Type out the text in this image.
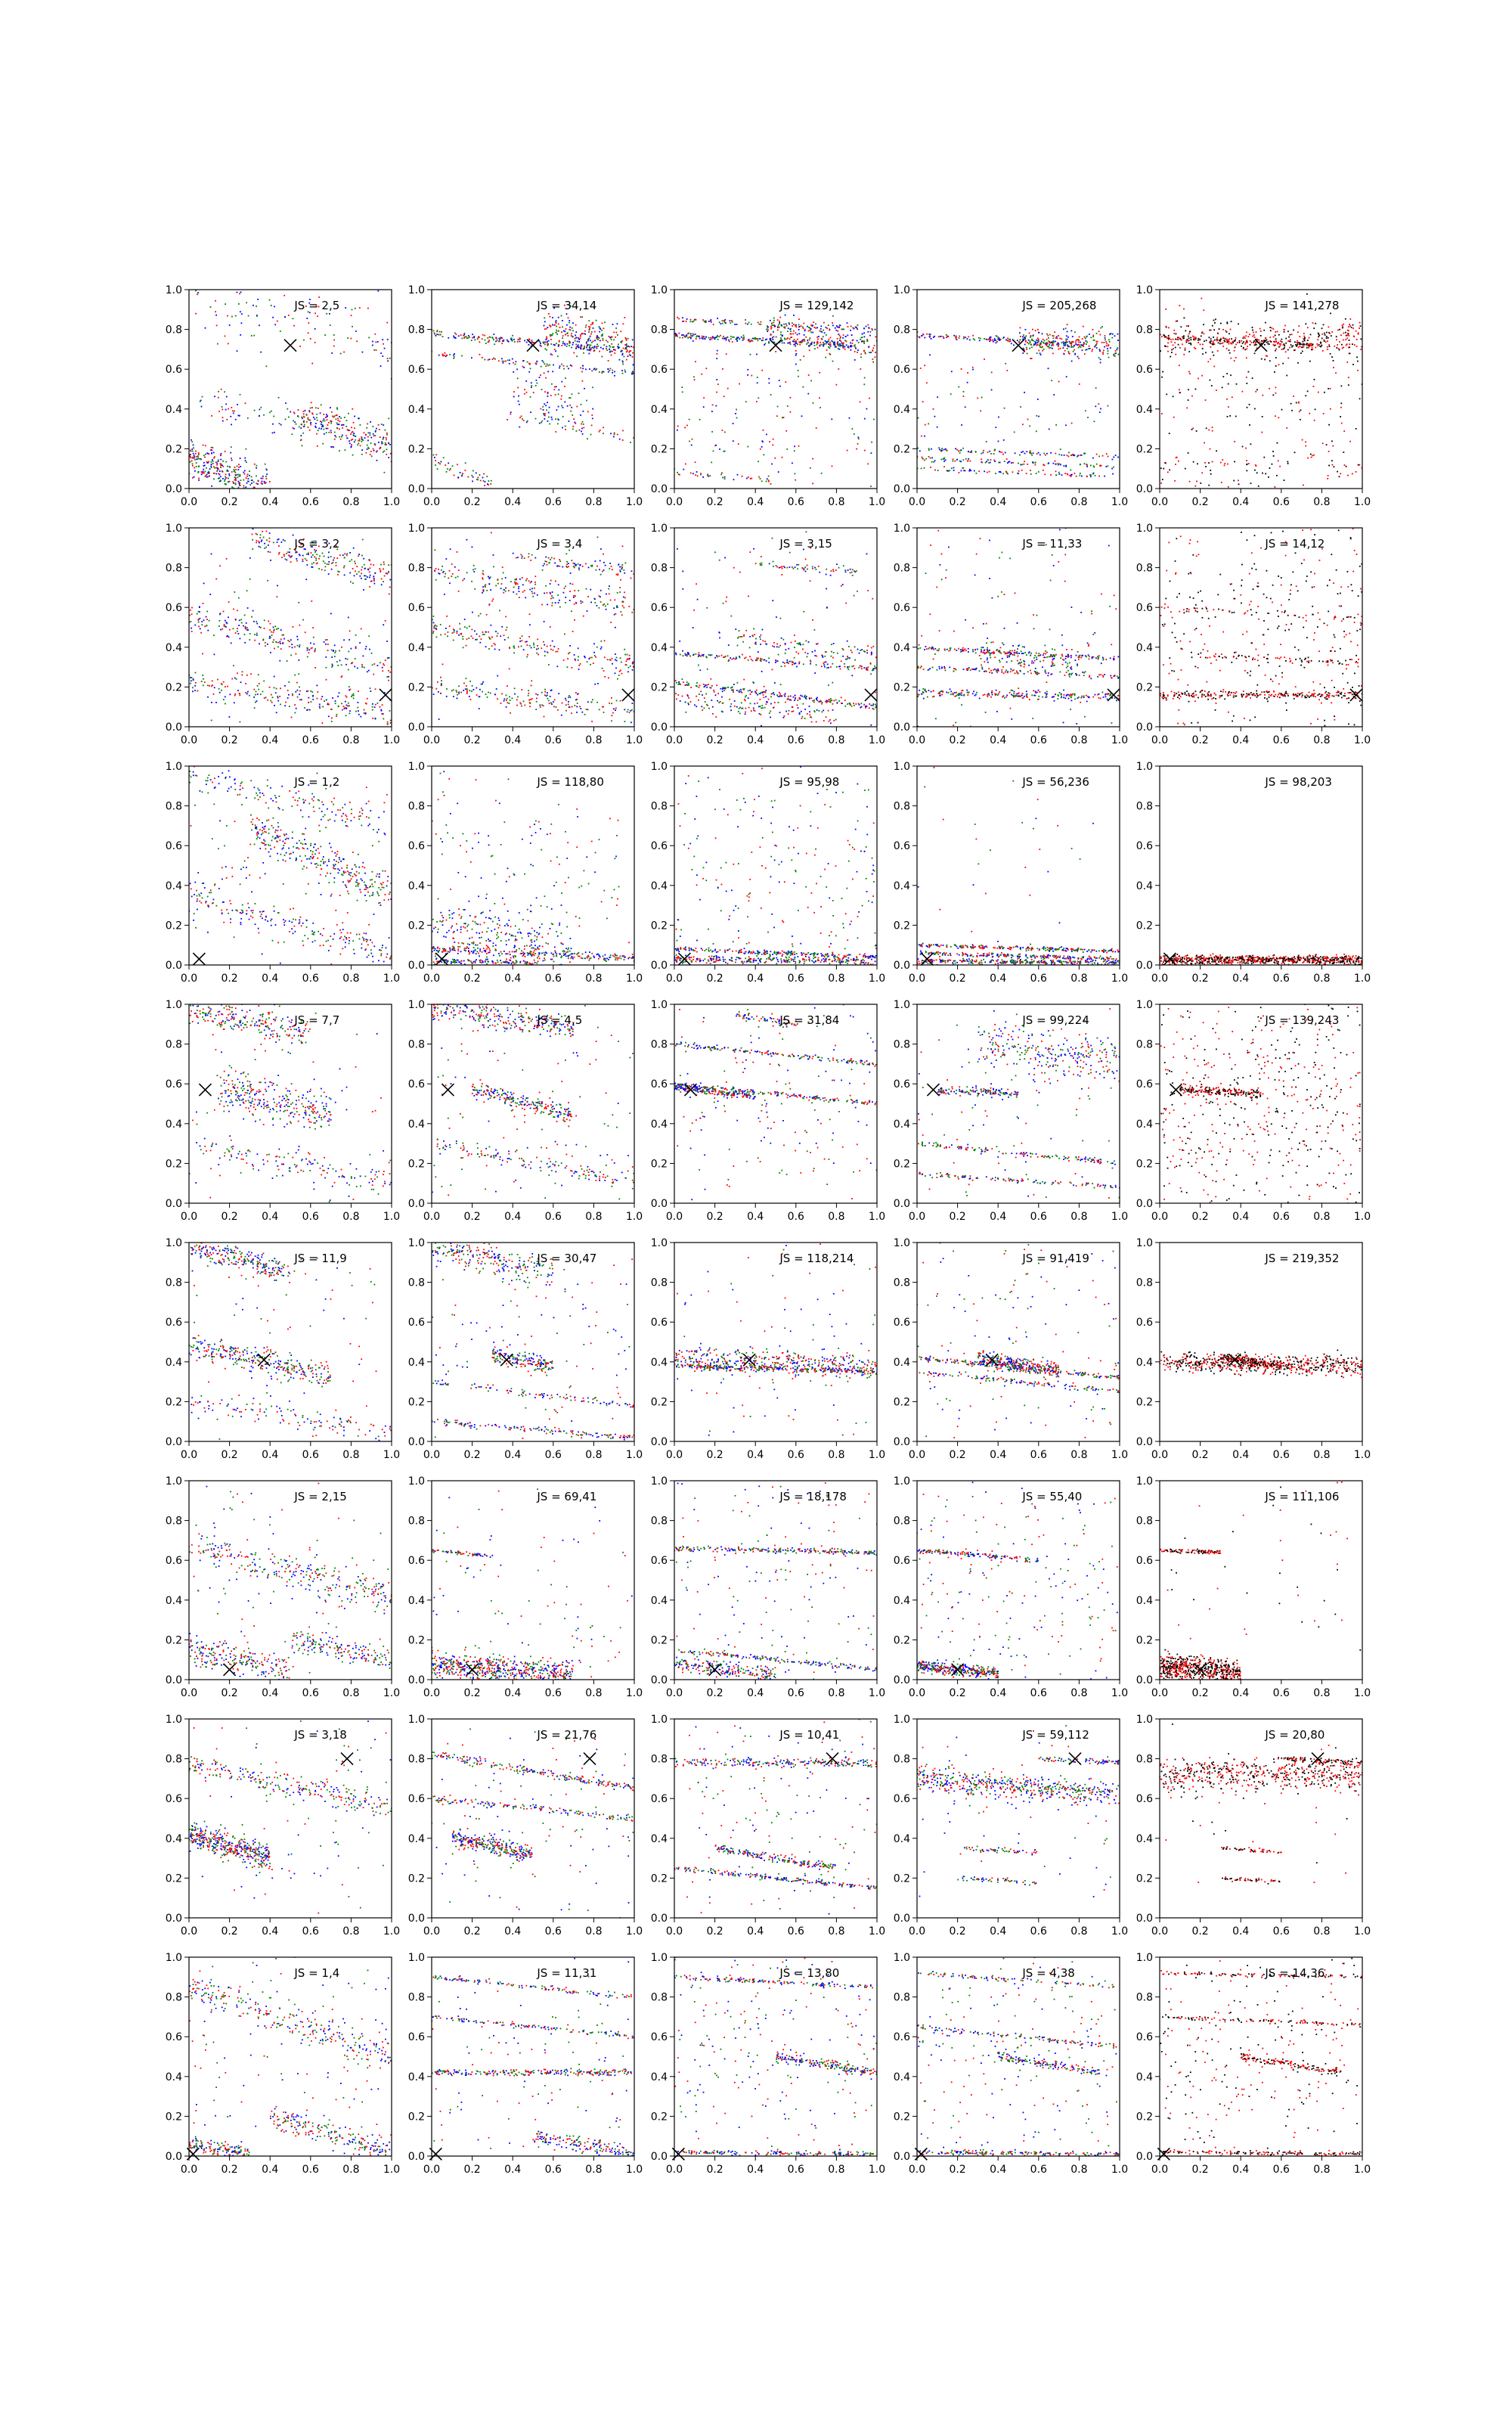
0.0 0.2 0.4 0.6 0.8 1.0
0.0
0.2
0.4
0.6
0.8
1.0
JS = 2,5
0.0 0.2 0.4 0.6 0.8 1.0
0.0
0.2
0.4
0.6
0.8
1.0
JS = 34,14
0.0 0.2 0.4 0.6 0.8 1.0
0.0
0.2
0.4
0.6
0.8
1.0
JS = 129,142
0.0 0.2 0.4 0.6 0.8 1.0
0.0
0.2
0.4
0.6
0.8
1.0
JS = 205,268
0.0 0.2 0.4 0.6 0.8 1.0
0.0
0.2
0.4
0.6
0.8
1.0
JS = 141,278
0.0 0.2 0.4 0.6 0.8 1.0
0.0
0.2
0.4
0.6
0.8
1.0
JS = 3,2
0.0 0.2 0.4 0.6 0.8 1.0
0.0
0.2
0.4
0.6
0.8
1.0
JS = 3,4
0.0 0.2 0.4 0.6 0.8 1.0
0.0
0.2
0.4
0.6
0.8
1.0
JS = 3,15
0.0 0.2 0.4 0.6 0.8 1.0
0.0
0.2
0.4
0.6
0.8
1.0
JS = 11,33
0.0 0.2 0.4 0.6 0.8 1.0
0.0
0.2
0.4
0.6
0.8
1.0
JS = 14,12
0.0 0.2 0.4 0.6 0.8 1.0
0.0
0.2
0.4
0.6
0.8
1.0
JS = 1,2
0.0 0.2 0.4 0.6 0.8 1.0
0.0
0.2
0.4
0.6
0.8
1.0
JS = 118,80
0.0 0.2 0.4 0.6 0.8 1.0
0.0
0.2
0.4
0.6
0.8
1.0
JS = 95,98
0.0 0.2 0.4 0.6 0.8 1.0
0.0
0.2
0.4
0.6
0.8
1.0
JS = 56,236
0.0 0.2 0.4 0.6 0.8 1.0
0.0
0.2
0.4
0.6
0.8
1.0
JS = 98,203
0.0 0.2 0.4 0.6 0.8 1.0
0.0
0.2
0.4
0.6
0.8
1.0
JS = 7,7
0.0 0.2 0.4 0.6 0.8 1.0
0.0
0.2
0.4
0.6
0.8
1.0
JS = 4,5
0.0 0.2 0.4 0.6 0.8 1.0
0.0
0.2
0.4
0.6
0.8
1.0
JS = 31,84
0.0 0.2 0.4 0.6 0.8 1.0
0.0
0.2
0.4
0.6
0.8
1.0
JS = 99,224
0.0 0.2 0.4 0.6 0.8 1.0
0.0
0.2
0.4
0.6
0.8
1.0
JS = 139,243
0.0 0.2 0.4 0.6 0.8 1.0
0.0
0.2
0.4
0.6
0.8
1.0
JS = 11,9
0.0 0.2 0.4 0.6 0.8 1.0
0.0
0.2
0.4
0.6
0.8
1.0
JS = 30,47
0.0 0.2 0.4 0.6 0.8 1.0
0.0
0.2
0.4
0.6
0.8
1.0
JS = 118,214
0.0 0.2 0.4 0.6 0.8 1.0
0.0
0.2
0.4
0.6
0.8
1.0
JS = 91,419
0.0 0.2 0.4 0.6 0.8 1.0
0.0
0.2
0.4
0.6
0.8
1.0
JS = 219,352
0.0 0.2 0.4 0.6 0.8 1.0
0.0
0.2
0.4
0.6
0.8
1.0
JS = 2,15
0.0 0.2 0.4 0.6 0.8 1.0
0.0
0.2
0.4
0.6
0.8
1.0
JS = 69,41
0.0 0.2 0.4 0.6 0.8 1.0
0.0
0.2
0.4
0.6
0.8
1.0
JS = 18,178
0.0 0.2 0.4 0.6 0.8 1.0
0.0
0.2
0.4
0.6
0.8
1.0
JS = 55,40
0.0 0.2 0.4 0.6 0.8 1.0
0.0
0.2
0.4
0.6
0.8
1.0
JS = 111,106
0.0 0.2 0.4 0.6 0.8 1.0
0.0
0.2
0.4
0.6
0.8
1.0
JS = 3,18
0.0 0.2 0.4 0.6 0.8 1.0
0.0
0.2
0.4
0.6
0.8
1.0
JS = 21,76
0.0 0.2 0.4 0.6 0.8 1.0
0.0
0.2
0.4
0.6
0.8
1.0
JS = 10,41
0.0 0.2 0.4 0.6 0.8 1.0
0.0
0.2
0.4
0.6
0.8
1.0
JS = 59,112
0.0 0.2 0.4 0.6 0.8 1.0
0.0
0.2
0.4
0.6
0.8
1.0
JS = 20,80
0.0 0.2 0.4 0.6 0.8 1.0
0.0
0.2
0.4
0.6
0.8
1.0
JS = 1,4
0.0 0.2 0.4 0.6 0.8 1.0
0.0
0.2
0.4
0.6
0.8
1.0
JS = 11,31
0.0 0.2 0.4 0.6 0.8 1.0
0.0
0.2
0.4
0.6
0.8
1.0
JS = 13,80
0.0 0.2 0.4 0.6 0.8 1.0
0.0
0.2
0.4
0.6
0.8
1.0
JS = 4,38
0.0 0.2 0.4 0.6 0.8 1.0
0.0
0.2
0.4
0.6
0.8
1.0
JS = 14,36
